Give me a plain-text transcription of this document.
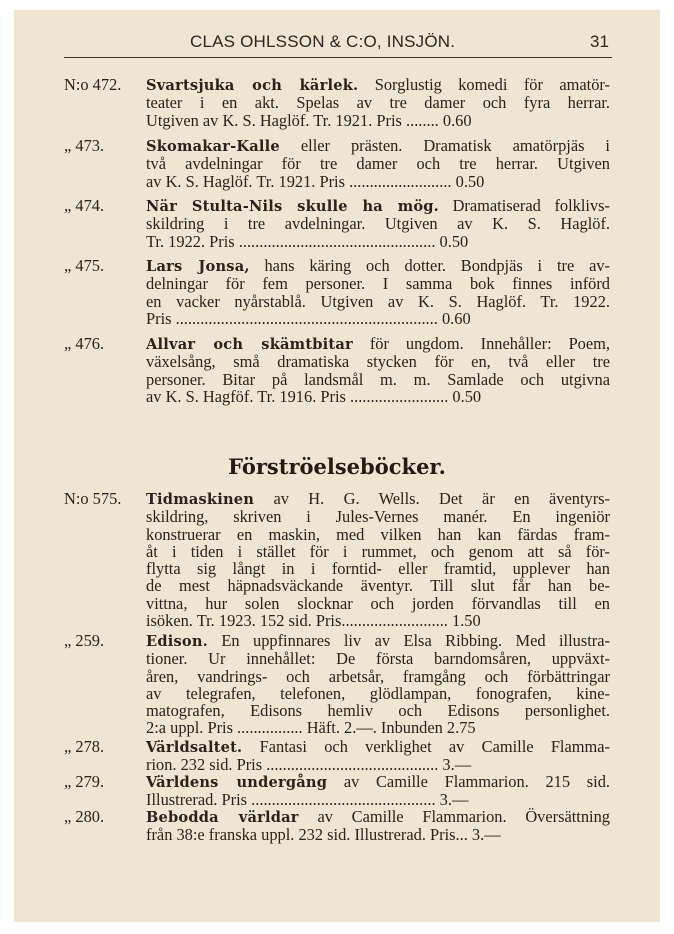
CLAS OHLSSON & C:O, INSJÖN.	31
Förströelseböcker.
N:o 472.	Svartsjuka och kärlek. Sorglustig komedi för amatör-
teater i en akt. Spelas av tre damer och fyra herrar.
Utgiven av K. S. Haglöf. Tr. 1921. Pris ........ 0.60
„ 473.	Skomakar-Kalle eller prästen. Dramatisk amatörpjäs i
två avdelningar för tre damer och tre herrar. Utgiven
av K. S. Haglöf. Tr. 1921. Pris ......................... 0.50
„ 474.	När Stulta-Nils skulle ha mög. Dramatiserad folklivs-
skildring i tre avdelningar. Utgiven av K. S. Haglöf.
Tr. 1922. Pris ................................................ 0.50
„ 475.	Lars Jonsa, hans käring och dotter. Bondpjäs i tre av-
delningar för fem personer. I samma bok finnes införd
en vacker nyårstablå. Utgiven av K. S. Haglöf. Tr. 1922.
Pris ................................................................ 0.60
„ 476.	Allvar och skämtbitar för ungdom. Innehåller: Poem,
växelsång, små dramatiska stycken för en, två eller tre
personer. Bitar på landsmål m. m. Samlade och utgivna
av K. S. Hagföf. Tr. 1916. Pris ........................ 0.50
N:o 575.	Tidmaskinen av H. G. Wells. Det är en äventyrs-
skildring, skriven i Jules-Vernes manér. En ingeniör
konstruerar en maskin, med vilken han kan färdas fram-
åt i tiden i stället för i rummet, och genom att så för-
flytta sig långt in i forntid- eller framtid, upplever han
de mest häpnadsväckande äventyr. Till slut får han be-
vittna, hur solen slocknar och jorden förvandlas till en
isöken. Tr. 1923. 152 sid. Pris.......................... 1.50
„ 259.	Edison. En uppfinnares liv av Elsa Ribbing. Med illustra-
tioner. Ur innehållet: De första barndomsåren, uppväxt-
åren, vandrings- och arbetsår, framgång och förbättringar
av telegrafen, telefonen, glödlampan, fonografen, kine-
matografen, Edisons hemliv och Edisons personlighet.
2:a uppl. Pris ................ Häft. 2.—. Inbunden 2.75
„ 278.	Världsaltet. Fantasi och verklighet av Camille Flamma-
rion. 232 sid. Pris .......................................... 3.—
„ 279.	Världens undergång av Camille Flammarion. 215 sid.
Illustrerad. Pris ............................................. 3.—
„ 280.	Bebodda världar av Camille Flammarion. Översättning
från 38:e franska uppl. 232 sid. Illustrerad. Pris... 3.—
